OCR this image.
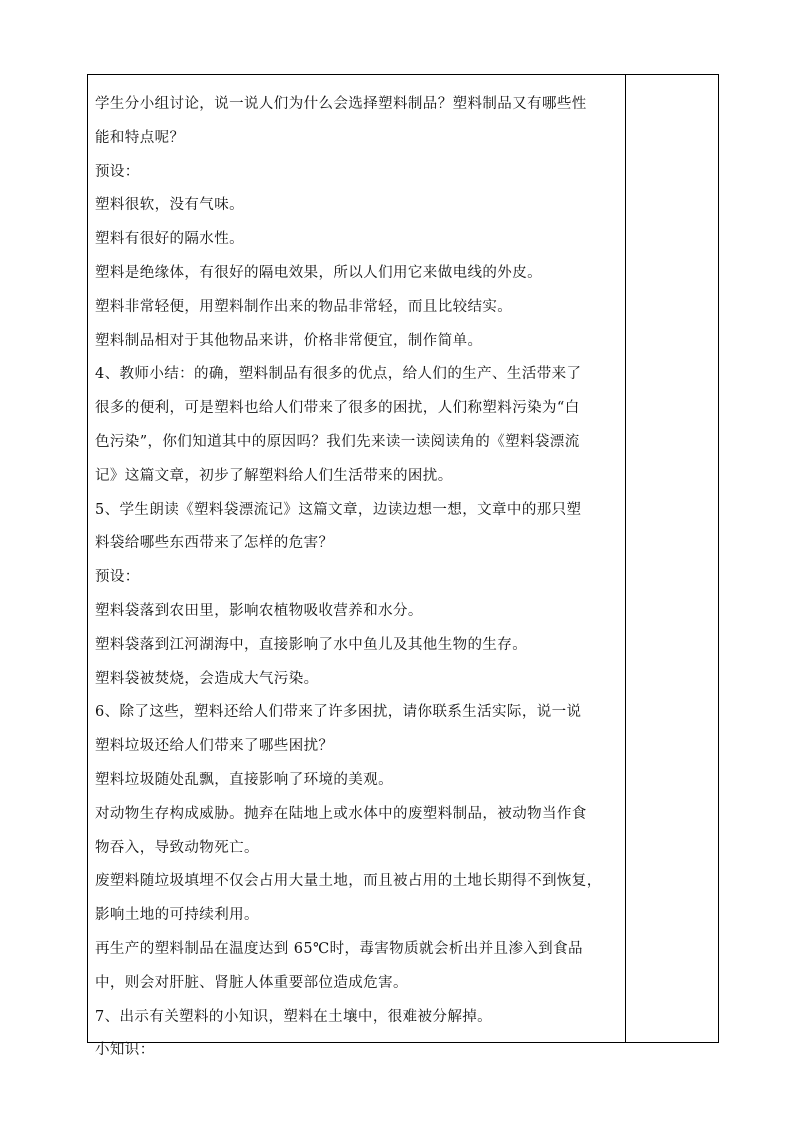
学生分小组讨论，说一说人们为什么会选择塑料制品？塑料制品又有哪些性

能和特点呢？

预设：

塑料很软，没有气味。

塑料有很好的隔水性。

塑料是绝缘体，有很好的隔电效果，所以人们用它来做电线的外皮。

塑料非常轻便，用塑料制作出来的物品非常轻，而且比较结实。

塑料制品相对于其他物品来讲，价格非常便宜，制作简单。

4、教师小结：的确，塑料制品有很多的优点，给人们的生产、生活带来了

很多的便利，可是塑料也给人们带来了很多的困扰，人们称塑料污染为“白

色污染”，你们知道其中的原因吗？我们先来读一读阅读角的《塑料袋漂流

记》这篇文章，初步了解塑料给人们生活带来的困扰。

5、学生朗读《塑料袋漂流记》这篇文章，边读边想一想，文章中的那只塑

料袋给哪些东西带来了怎样的危害？

预设：

塑料袋落到农田里，影响农植物吸收营养和水分。

塑料袋落到江河湖海中，直接影响了水中鱼儿及其他生物的生存。

塑料袋被焚烧，会造成大气污染。

6、除了这些，塑料还给人们带来了许多困扰，请你联系生活实际，说一说

塑料垃圾还给人们带来了哪些困扰？

塑料垃圾随处乱飘，直接影响了环境的美观。

对动物生存构成威胁。抛弃在陆地上或水体中的废塑料制品，被动物当作食

物吞入，导致动物死亡。

废塑料随垃圾填埋不仅会占用大量土地，而且被占用的土地长期得不到恢复，

影响土地的可持续利用。

再生产的塑料制品在温度达到 65℃时，毒害物质就会析出并且渗入到食品

中，则会对肝脏、肾脏人体重要部位造成危害。

7、出示有关塑料的小知识，塑料在土壤中，很难被分解掉。

小知识：
